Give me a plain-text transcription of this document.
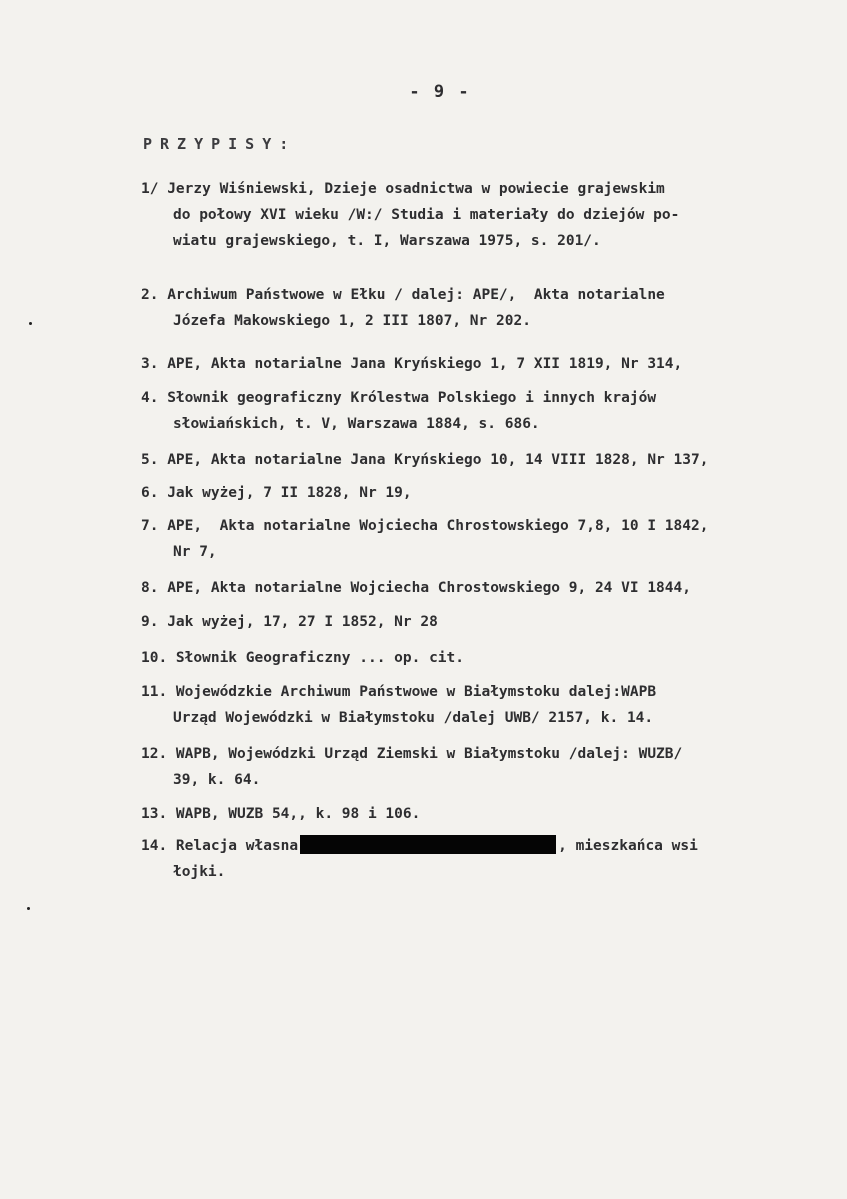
- 9 -
PRZYPISY:
1/ Jerzy Wiśniewski, Dzieje osadnictwa w powiecie grajewskim
do połowy XVI wieku /W:/ Studia i materiały do dziejów po-
wiatu grajewskiego, t. I, Warszawa 1975, s. 201/.
2. Archiwum Państwowe w Ełku / dalej: APE/,  Akta notarialne
Józefa Makowskiego 1, 2 III 1807, Nr 202.
3. APE, Akta notarialne Jana Kryńskiego 1, 7 XII 1819, Nr 314,
4. Słownik geograficzny Królestwa Polskiego i innych krajów
słowiańskich, t. V, Warszawa 1884, s. 686.
5. APE, Akta notarialne Jana Kryńskiego 10, 14 VIII 1828, Nr 137,
6. Jak wyżej, 7 II 1828, Nr 19,
7. APE,  Akta notarialne Wojciecha Chrostowskiego 7,8, 10 I 1842,
Nr 7,
8. APE, Akta notarialne Wojciecha Chrostowskiego 9, 24 VI 1844,
9. Jak wyżej, 17, 27 I 1852, Nr 28
10. Słownik Geograficzny ... op. cit.
11. Wojewódzkie Archiwum Państwowe w Białymstoku dalej:WAPB
Urząd Wojewódzki w Białymstoku /dalej UWB/ 2157, k. 14.
12. WAPB, Wojewódzki Urząd Ziemski w Białymstoku /dalej: WUZB/
39, k. 64.
13. WAPB, WUZB 54,, k. 98 i 106.
14. Relacja własna	, mieszkańca wsi
łojki.
